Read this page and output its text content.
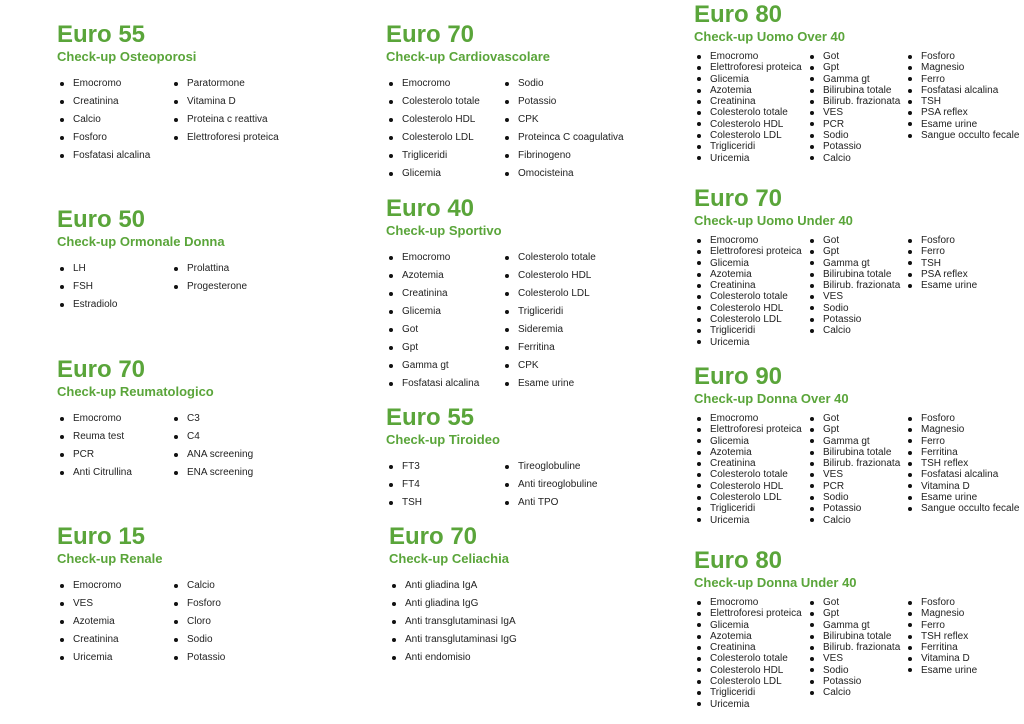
Euro 55
Check-up Osteoporosi
Emocromo
Creatinina
Calcio
Fosforo
Fosfatasi alcalina
Paratormone
Vitamina D
Proteina c reattiva
Elettroforesi proteica
Euro 50
Check-up Ormonale Donna
LH
FSH
Estradiolo
Prolattina
Progesterone
Euro 70
Check-up Reumatologico
Emocromo
Reuma test
PCR
Anti Citrullina
C3
C4
ANA screening
ENA screening
Euro 15
Check-up Renale
Emocromo
VES
Azotemia
Creatinina
Uricemia
Calcio
Fosforo
Cloro
Sodio
Potassio
Euro 70
Check-up Cardiovascolare
Emocromo
Colesterolo totale
Colesterolo HDL
Colesterolo LDL
Trigliceridi
Glicemia
Sodio
Potassio
CPK
Proteinca C coagulativa
Fibrinogeno
Omocisteina
Euro 40
Check-up Sportivo
Emocromo
Azotemia
Creatinina
Glicemia
Got
Gpt
Gamma gt
Fosfatasi alcalina
Colesterolo totale
Colesterolo HDL
Colesterolo LDL
Trigliceridi
Sideremia
Ferritina
CPK
Esame urine
Euro 55
Check-up Tiroideo
FT3
FT4
TSH
Tireoglobuline
Anti tireoglobuline
Anti TPO
Euro 70
Check-up Celiachia
Anti gliadina IgA
Anti gliadina IgG
Anti transglutaminasi IgA
Anti transglutaminasi IgG
Anti endomisio
Euro 80
Check-up Uomo Over 40
Emocromo
Elettroforesi proteica
Glicemia
Azotemia
Creatinina
Colesterolo totale
Colesterolo HDL
Colesterolo LDL
Trigliceridi
Uricemia
Got
Gpt
Gamma gt
Bilirubina totale
Bilirub. frazionata
VES
PCR
Sodio
Potassio
Calcio
Fosforo
Magnesio
Ferro
Fosfatasi alcalina
TSH
PSA reflex
Esame urine
Sangue occulto fecale
Euro 70
Check-up Uomo Under 40
Emocromo
Elettroforesi proteica
Glicemia
Azotemia
Creatinina
Colesterolo totale
Colesterolo HDL
Colesterolo LDL
Trigliceridi
Uricemia
Got
Gpt
Gamma gt
Bilirubina totale
Bilirub. frazionata
VES
Sodio
Potassio
Calcio
Fosforo
Ferro
TSH
PSA reflex
Esame urine
Euro 90
Check-up Donna Over 40
Emocromo
Elettroforesi proteica
Glicemia
Azotemia
Creatinina
Colesterolo totale
Colesterolo HDL
Colesterolo LDL
Trigliceridi
Uricemia
Got
Gpt
Gamma gt
Bilirubina totale
Bilirub. frazionata
VES
PCR
Sodio
Potassio
Calcio
Fosforo
Magnesio
Ferro
Ferritina
TSH reflex
Fosfatasi alcalina
Vitamina D
Esame urine
Sangue occulto fecale
Euro 80
Check-up Donna Under 40
Emocromo
Elettroforesi proteica
Glicemia
Azotemia
Creatinina
Colesterolo totale
Colesterolo HDL
Colesterolo LDL
Trigliceridi
Uricemia
Got
Gpt
Gamma gt
Bilirubina totale
Bilirub. frazionata
VES
Sodio
Potassio
Calcio
Fosforo
Magnesio
Ferro
TSH reflex
Ferritina
Vitamina D
Esame urine
